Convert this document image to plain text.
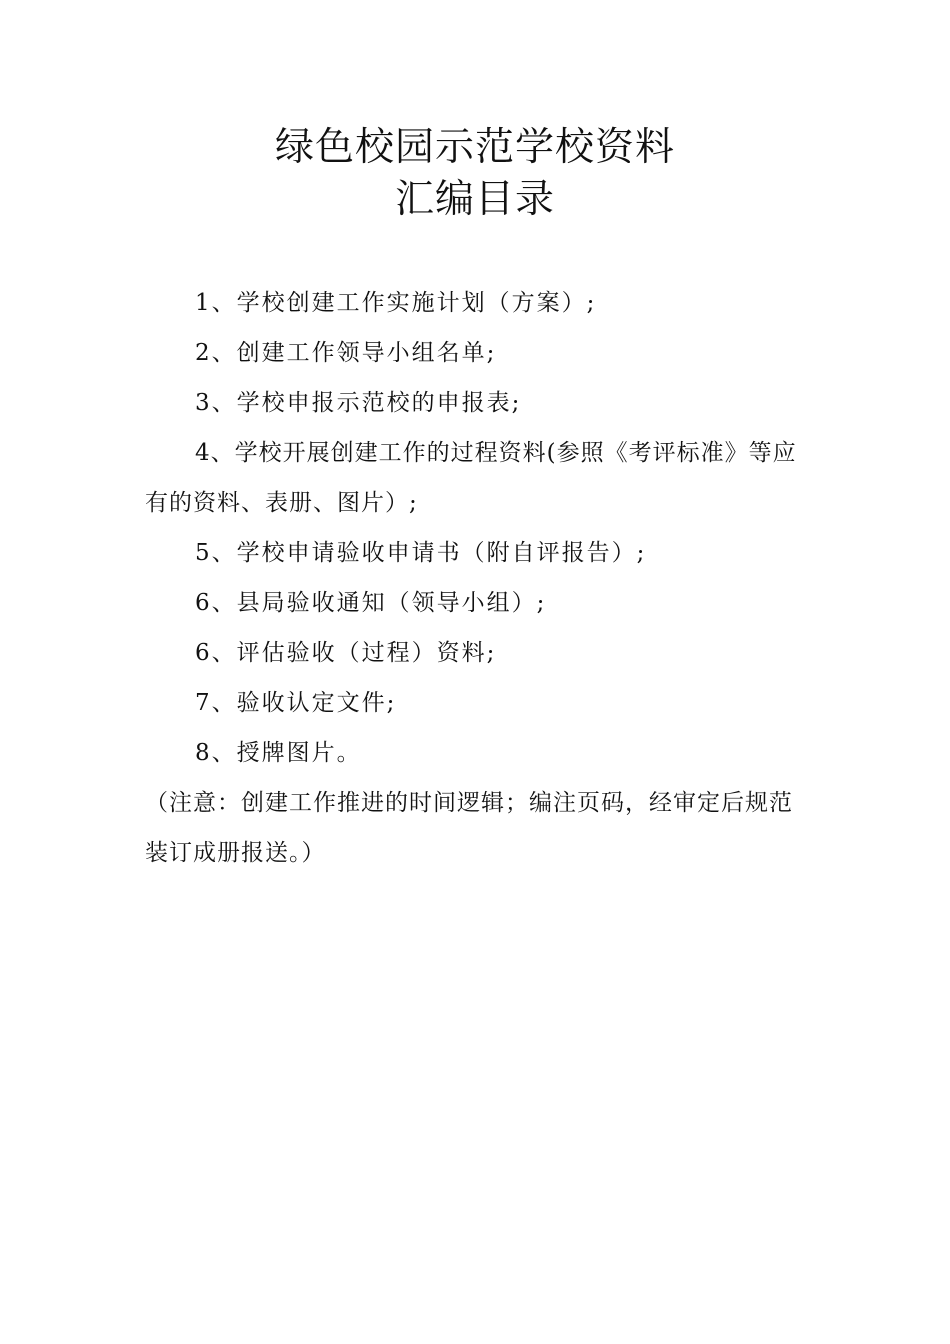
绿色校园示范学校资料
汇编目录

1、学校创建工作实施计划（方案）;

2、创建工作领导小组名单;

3、学校申报示范校的申报表;

4、学校开展创建工作的过程资料(参照《考评标准》等应有的资料、表册、图片）;

5、学校申请验收申请书（附自评报告）;

6、县局验收通知（领导小组）;

6、评估验收（过程）资料;

7、验收认定文件;

8、授牌图片。

（注意：创建工作推进的时间逻辑；编注页码，经审定后规范装订成册报送。）
